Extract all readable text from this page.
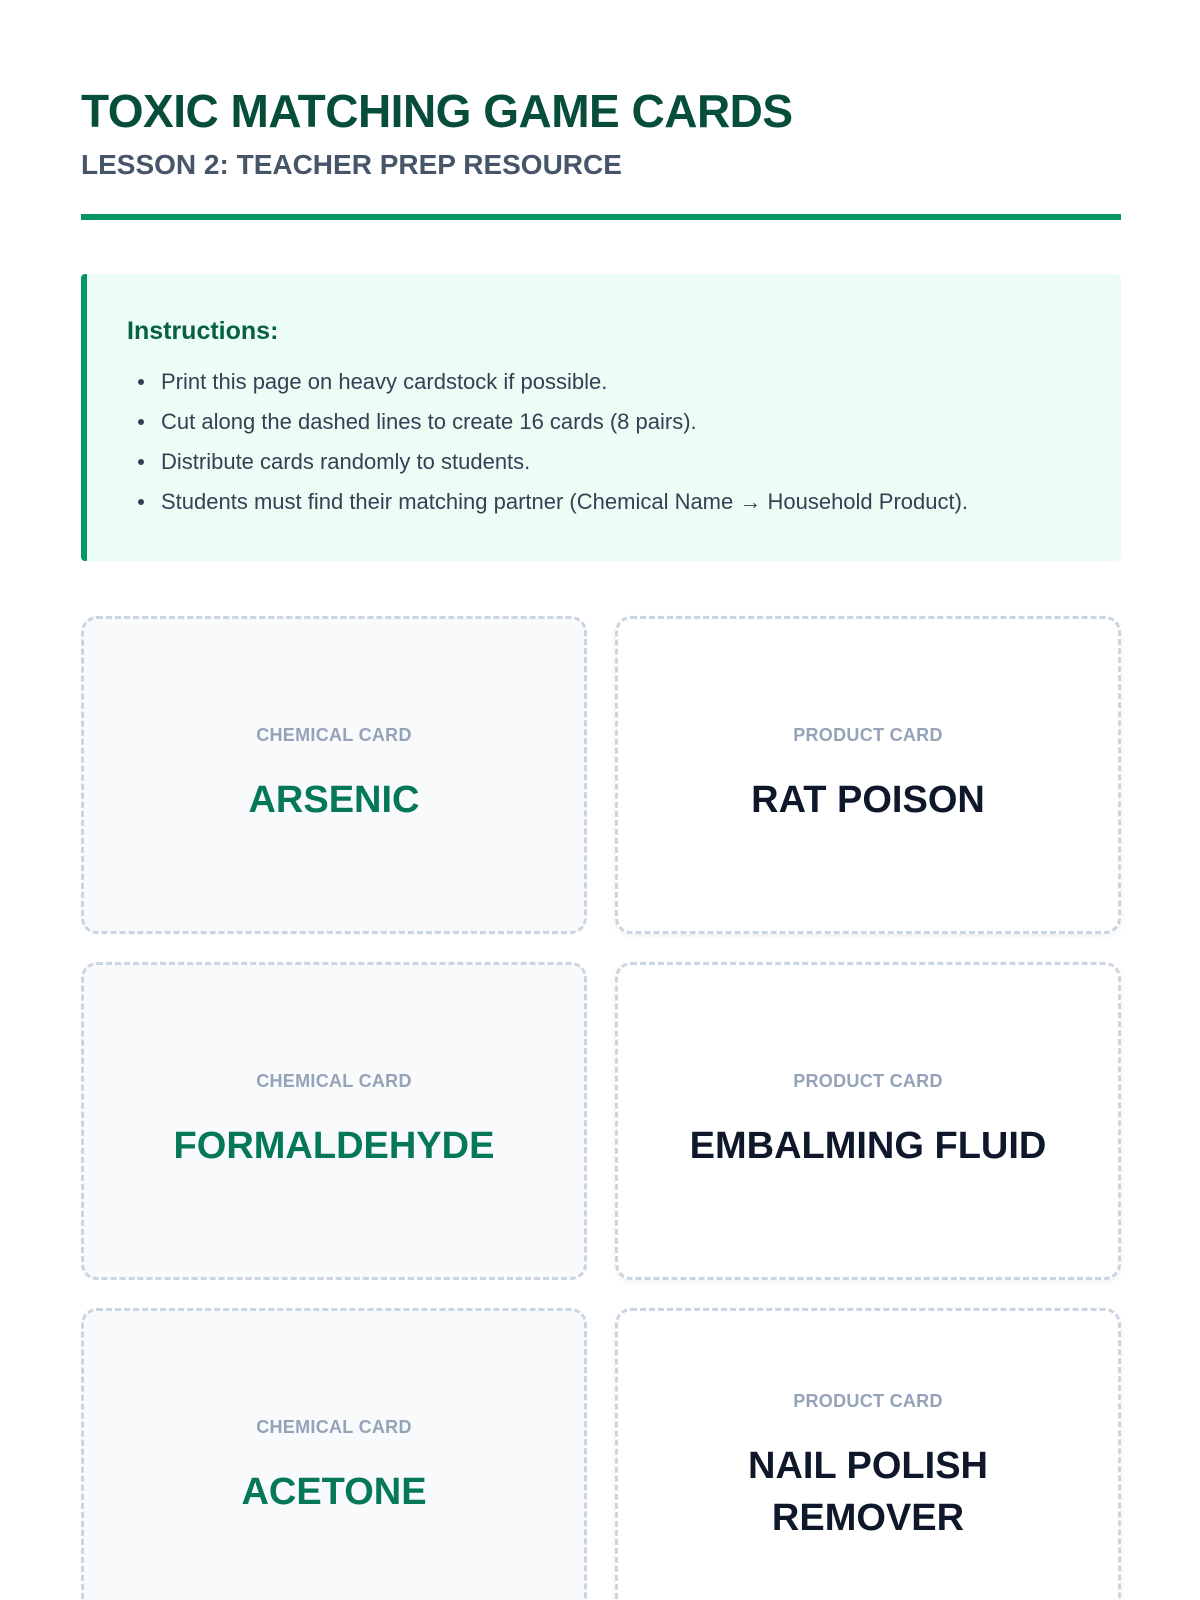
TOXIC MATCHING GAME CARDS
LESSON 2: TEACHER PREP RESOURCE
Instructions:
Print this page on heavy cardstock if possible.
Cut along the dashed lines to create 16 cards (8 pairs).
Distribute cards randomly to students.
Students must find their matching partner (Chemical Name → Household Product).
CHEMICAL CARD
ARSENIC
PRODUCT CARD
RAT POISON
CHEMICAL CARD
FORMALDEHYDE
PRODUCT CARD
EMBALMING FLUID
CHEMICAL CARD
ACETONE
PRODUCT CARD
NAIL POLISH
REMOVER
